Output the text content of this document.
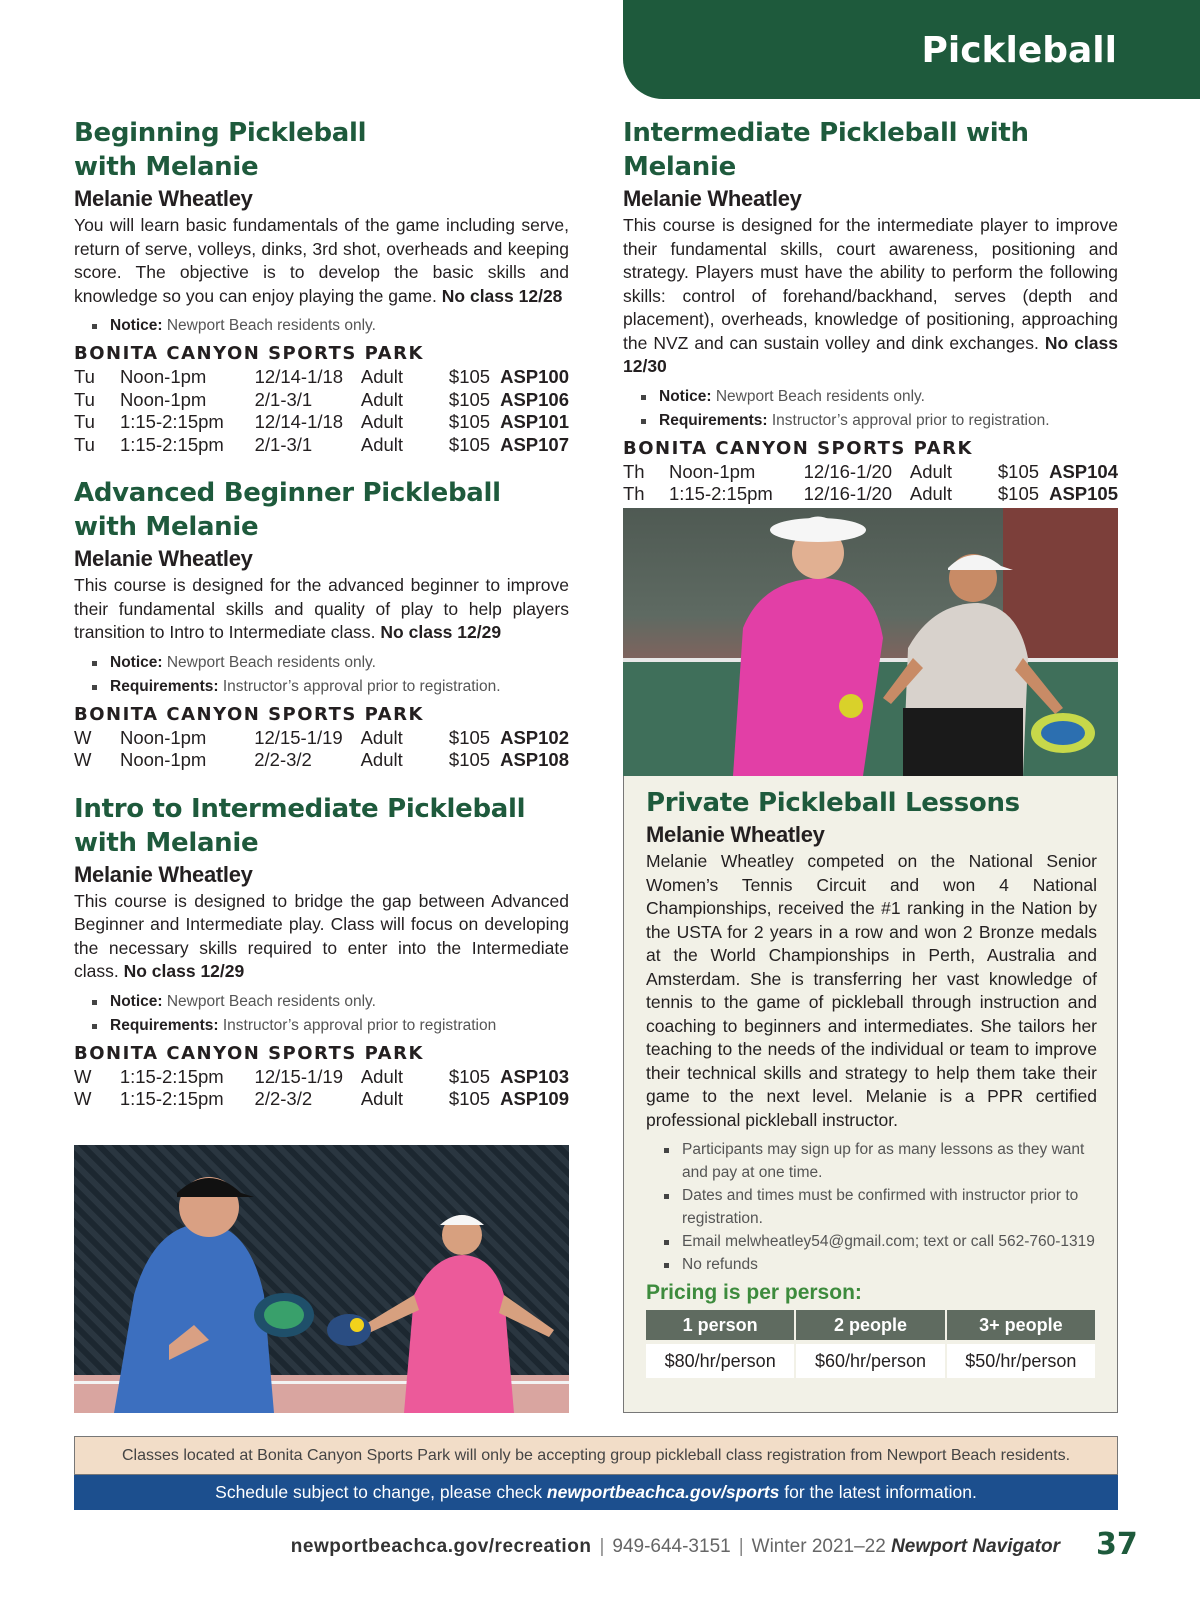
Pickleball
Beginning Pickleball
with Melanie
Melanie Wheatley

You will learn basic fundamentals of the game including serve, return of serve, volleys, dinks, 3rd shot, overheads and keeping score. The objective is to develop the basic skills and knowledge so you can enjoy playing the game. No class 12/28

Notice: Newport Beach residents only.
BONITA CANYON SPORTS PARK
Tu	Noon-1pm	12/14-1/18	Adult	$105	ASP100
Tu	Noon-1pm	2/1-3/1	Adult	$105	ASP106
Tu	1:15-2:15pm	12/14-1/18	Adult	$105	ASP101
Tu	1:15-2:15pm	2/1-3/1	Adult	$105	ASP107
Advanced Beginner Pickleball
with Melanie
Melanie Wheatley

This course is designed for the advanced beginner to improve their fundamental skills and quality of play to help players transition to Intro to Intermediate class. No class 12/29

Notice: Newport Beach residents only.
Requirements: Instructor’s approval prior to registration.
BONITA CANYON SPORTS PARK
W	Noon-1pm	12/15-1/19	Adult	$105	ASP102
W	Noon-1pm	2/2-3/2	Adult	$105	ASP108
Intro to Intermediate Pickleball
with Melanie
Melanie Wheatley

This course is designed to bridge the gap between Advanced Beginner and Intermediate play. Class will focus on developing the necessary skills required to enter into the Intermediate class. No class 12/29

Notice: Newport Beach residents only.
Requirements: Instructor’s approval prior to registration
BONITA CANYON SPORTS PARK
W	1:15-2:15pm	12/15-1/19	Adult	$105	ASP103
W	1:15-2:15pm	2/2-3/2	Adult	$105	ASP109
Intermediate Pickleball with Melanie
Melanie Wheatley

This course is designed for the intermediate player to improve their fundamental skills, court awareness, positioning and strategy. Players must have the ability to perform the following skills: control of forehand/backhand, serves (depth and placement), overheads, knowledge of positioning, approaching the NVZ and can sustain volley and dink exchanges. No class 12/30

Notice: Newport Beach residents only.
Requirements: Instructor’s approval prior to registration.
BONITA CANYON SPORTS PARK
Th	Noon-1pm	12/16-1/20	Adult	$105	ASP104
Th	1:15-2:15pm	12/16-1/20	Adult	$105	ASP105

Private Pickleball Lessons
Melanie Wheatley

Melanie Wheatley competed on the National Senior Women’s Tennis Circuit and won 4 National Championships, received the #1 ranking in the Nation by the USTA for 2 years in a row and won 2 Bronze medals at the World Championships in Perth, Australia and Amsterdam. She is transferring her vast knowledge of tennis to the game of pickleball through instruction and coaching to beginners and intermediates. She tailors her teaching to the needs of the individual or team to improve their technical skills and strategy to help them take their game to the next level. Melanie is a PPR certified professional pickleball instructor.

Participants may sign up for as many lessons as they want and pay at one time.
Dates and times must be confirmed with instructor prior to registration.
Email melwheatley54@gmail.com; text or call 562-760-1319
No refunds
Pricing is per person:
1 person	2 people	3+ people
$80/hr/person	$60/hr/person	$50/hr/person
Classes located at Bonita Canyon Sports Park will only be accepting group pickleball class registration from Newport Beach residents.
Schedule subject to change, please check newportbeachca.gov/sports for the latest information.
newportbeachca.gov/recreation | 949-644-3151 | Winter 2021–22 Newport Navigator 37
